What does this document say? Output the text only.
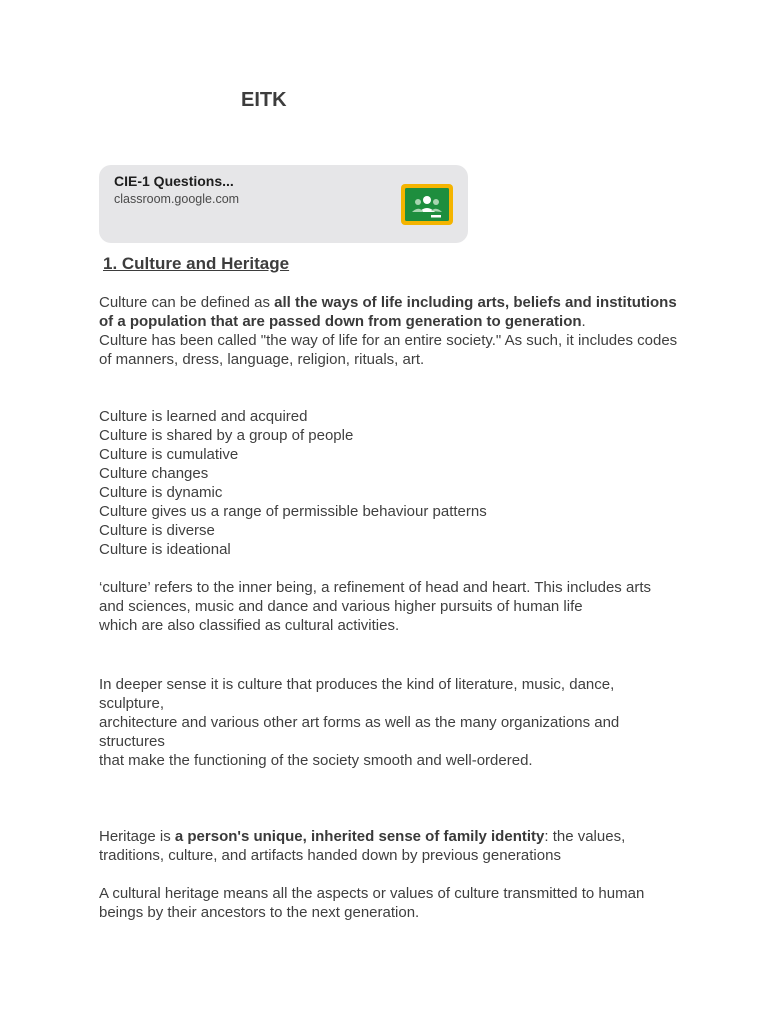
EITK
CIE-1 Questions...
classroom.google.com
1. Culture and Heritage

Culture can be defined as all the ways of life including arts, beliefs and institutions of a population that are passed down from generation to generation.

Culture has been called "the way of life for an entire society." As such, it includes codes of manners, dress, language, religion, rituals, art.

Culture is learned and acquired

Culture is shared by a group of people

Culture is cumulative

Culture changes

Culture is dynamic

Culture gives us a range of permissible behaviour patterns

Culture is diverse

Culture is ideational

‘culture’ refers to the inner being, a refinement of head and heart. This includes arts and sciences, music and dance and various higher pursuits of human life

which are also classified as cultural activities.

In deeper sense it is culture that produces the kind of literature, music, dance, sculpture,

architecture and various other art forms as well as the many organizations and structures

that make the functioning of the society smooth and well-ordered.

Heritage is a person's unique, inherited sense of family identity: the values, traditions, culture, and artifacts handed down by previous generations

A cultural heritage means all the aspects or values of culture transmitted to human

beings by their ancestors to the next generation.
